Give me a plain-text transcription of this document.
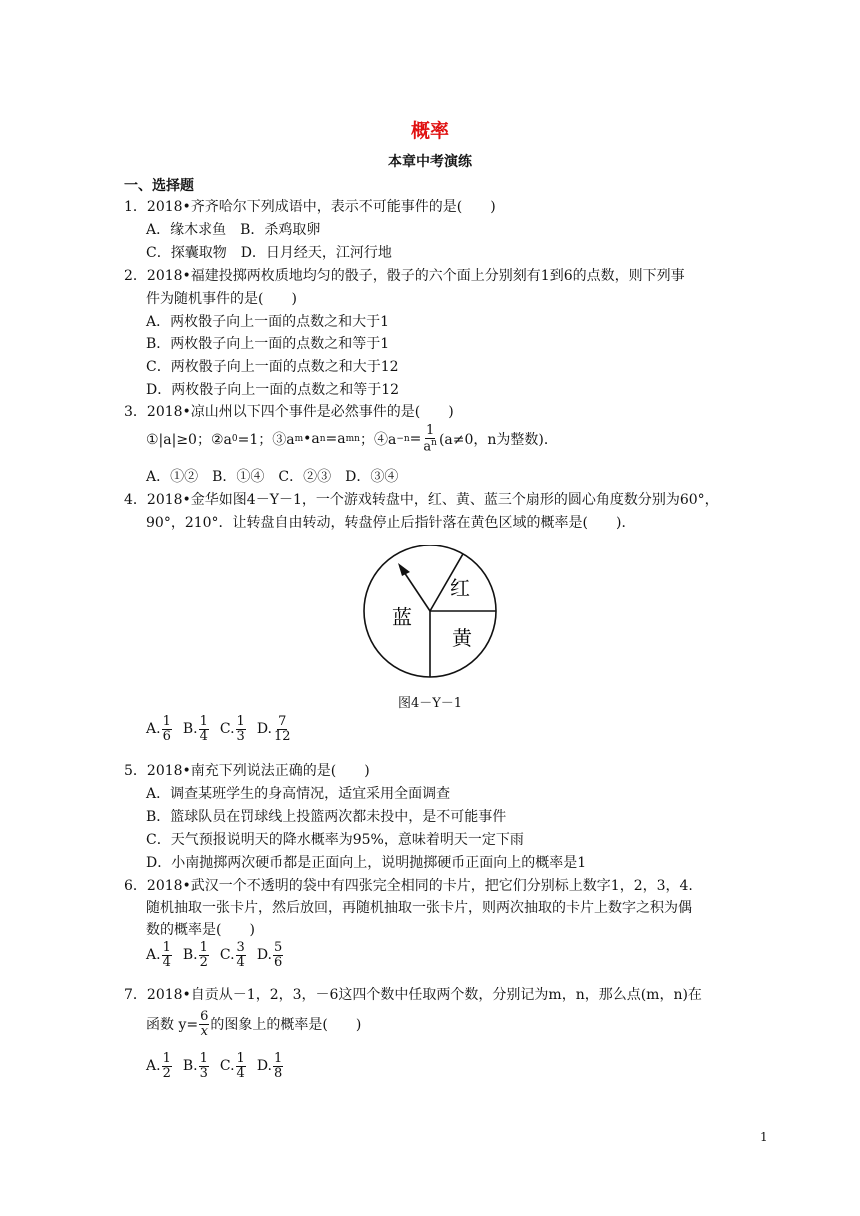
概率
本章中考演练
一、选择题
1．2018•齐齐哈尔下列成语中，表示不可能事件的是(　　)
A．缘木求鱼　B．杀鸡取卵
C．探囊取物　D．日月经天，江河行地
2．2018•福建投掷两枚质地均匀的骰子，骰子的六个面上分别刻有1到6的点数，则下列事
件为随机事件的是(　　)
A．两枚骰子向上一面的点数之和大于1
B．两枚骰子向上一面的点数之和等于1
C．两枚骰子向上一面的点数之和大于12
D．两枚骰子向上一面的点数之和等于12
3．2018•凉山州以下四个事件是必然事件的是(　　)
①|a|≥0；②a 0 =1；③a m •a n =a mn ；④a $-n = \frac{1}{a^n} (a\ne 0$，n为整数)．
A．①②　B．①④　C．②③　D．③④
4．2018•金华如图4－Y－1，一个游戏转盘中，红、黄、蓝三个扇形的圆心角度数分别为60°，
90°，210°．让转盘自由转动，转盘停止后指针落在黄色区域的概率是(　　)．
红
黄
蓝
图4－Y－1
A. $\frac{1}{6} B$. $\frac{1}{4} C$. $\frac{1}{3} D$. $\frac{7}{12}$
5．2018•南充下列说法正确的是(　　)
A．调查某班学生的身高情况，适宜采用全面调查
B．篮球队员在罚球线上投篮两次都未投中，是不可能事件
C．天气预报说明天的降水概率为95%，意味着明天一定下雨
D．小南抛掷两次硬币都是正面向上，说明抛掷硬币正面向上的概率是1
6．2018•武汉一个不透明的袋中有四张完全相同的卡片，把它们分别标上数字1，2，3，4.
随机抽取一张卡片，然后放回，再随机抽取一张卡片，则两次抽取的卡片上数字之积为偶
数的概率是(　　)
A. $\frac{1}{4} B$. $\frac{1}{2} C$. $\frac{3}{4} D$. $\frac{5}{6}$
7．2018•自贡从－1，2，3，－6这四个数中任取两个数，分别记为m，n，那么点(m，n)在
函数 $y= \frac{6}{x}$ 的图象上的概率是(　　)
A. $\frac{1}{2} B$. $\frac{1}{3} C$. $\frac{1}{4} D$. $\frac{1}{8}$
1
